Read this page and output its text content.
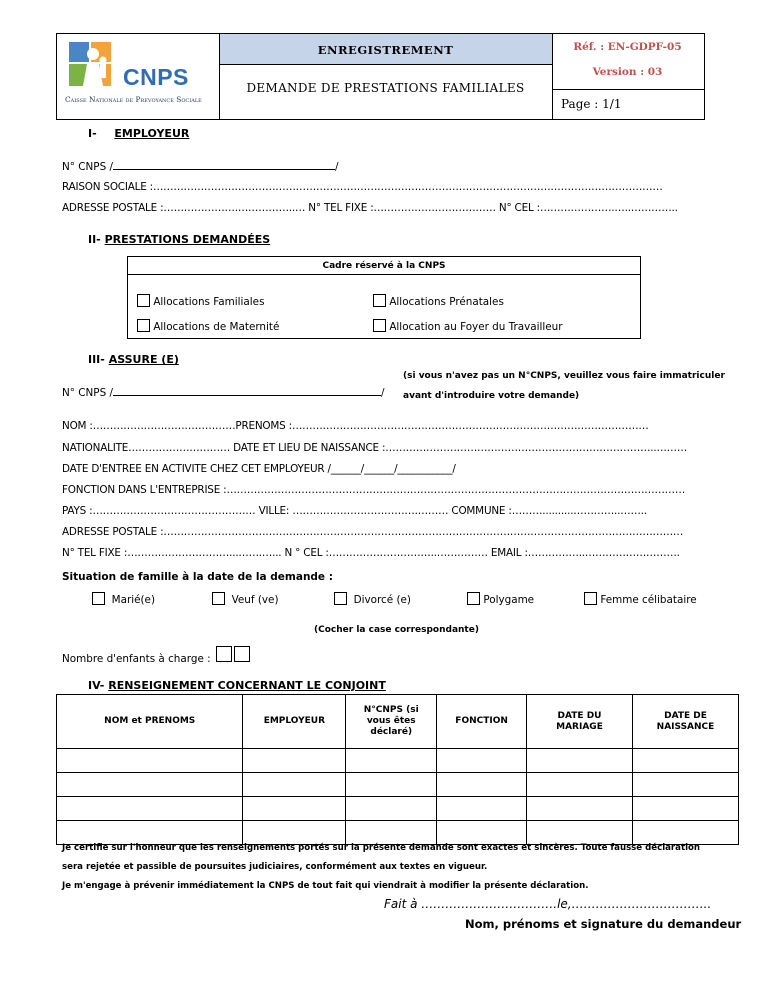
CNPS
Caisse Nationale de Prevoyance Sociale
ENREGISTREMENT
DEMANDE DE PRESTATIONS FAMILIALES
Réf. : EN-GDPF-05
Version : 03
Page : 1/1
I- EMPLOYEUR
N° CNPS /	/
RAISON SOCIALE :……………………………………………………………………………………………………………………………………
ADRESSE POSTALE :………………….……………..… N° TEL FIXE :……………………………… N° CEL :………………….…..…………..
II- PRESTATIONS DEMANDÉES
Cadre réservé à la CNPS
Allocations Familiales	Allocations Prénatales
Allocations de Maternité	Allocation au Foyer du Travailleur
III- ASSURE (E)
(si vous n'avez pas un N°CNPS, veuillez vous faire immatriculer
avant d'introduire votre demande)
N° CNPS /	/
NOM :……………………………………PRENOMS :……………………………………………………………………………………………
NATIONALITE………………………… DATE ET LIEU DE NAISSANCE :……………………………………………………………………..………
DATE D'ENTREE EN ACTIVITE CHEZ CET EMPLOYEUR /______/______/___________/
FONCTION DANS L'ENTREPRISE :………………………………………………………………………………………………………………………
PAYS :………………………………………… VILLE: ……………………………….……… COMMUNE :………..........…………..……..
ADRESSE POSTALE :………………………………………………………………………………………………………………………………………
N° TEL FIXE :…………………………...…….…... N ° CEL :…………………………..…………… EMAIL :……………..……………………….
Situation de famille à la date de la demande :
Marié(e)	Veuf (ve)	Divorcé (e)	Polygame	Femme célibataire
(Cocher la case correspondante)
Nombre d'enfants à charge :
IV- RENSEIGNEMENT CONCERNANT LE CONJOINT
NOM et PRENOMS	EMPLOYEUR	N°CNPS (si vous êtes déclaré)	FONCTION	DATE DU MARIAGE	DATE DE NAISSANCE

Je certifie sur l'honneur que les renseignements portés sur la présente demande sont exactes et sincères. Toute fausse déclaration
sera rejetée et passible de poursuites judiciaires, conformément aux textes en vigueur.
Je m'engage à prévenir immédiatement la CNPS de tout fait qui viendrait à modifier la présente déclaration.
Fait à …………………………….le,……………………………..
Nom, prénoms et signature du demandeur
